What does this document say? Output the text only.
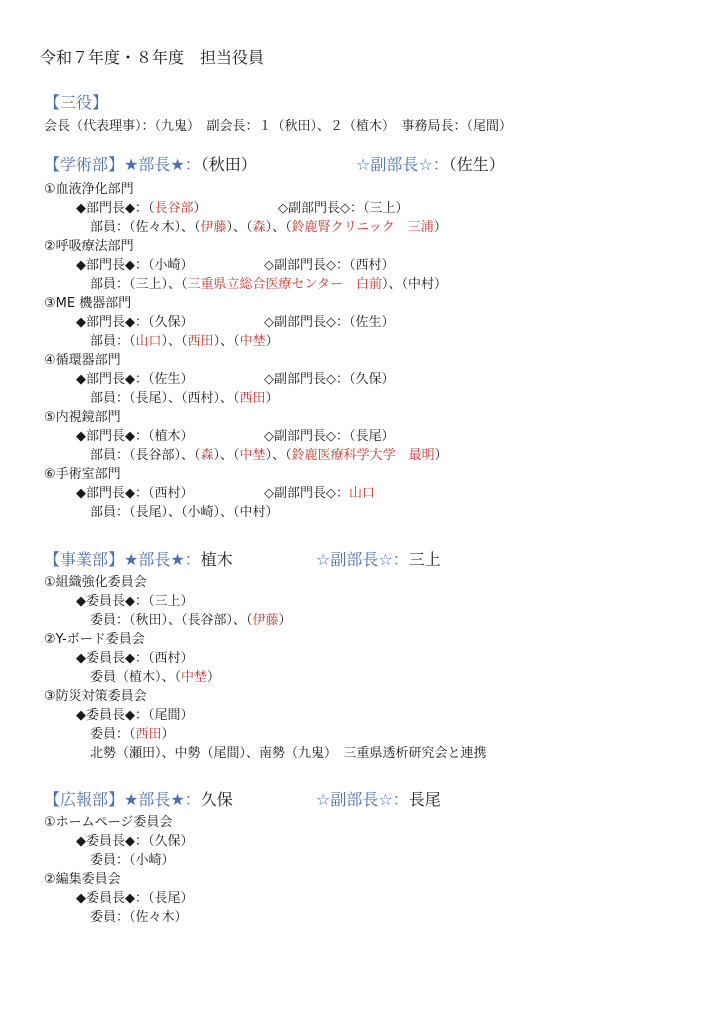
令和７年度・８年度　担当役員
【三役】
会長（代表理事）：（九鬼）　副会長：１（秋田）、２（植木）　事務局長：（尾間）
【学術部】★部長★：（秋田）	☆副部長☆：（佐生）
①血液浄化部門
◆部門長◆：（長谷部）	◇副部門長◇：（三上）
部員：（佐々木）、（伊藤）、（森）、（鈴鹿腎クリニック　三浦）
②呼吸療法部門
◆部門長◆：（小崎）	◇副部門長◇：（西村）
部員：（三上）、（三重県立総合医療センター　白前）、（中村）
③ME 機器部門
◆部門長◆：（久保）	◇副部門長◇：（佐生）
部員：（山口）、（西田）、（中埜）
④循環器部門
◆部門長◆：（佐生）	◇副部門長◇：（久保）
部員：（長尾）、（西村）、（西田）
⑤内視鏡部門
◆部門長◆：（植木）	◇副部門長◇：（長尾）
部員：（長谷部）、（森）、（中埜）、（鈴鹿医療科学大学　最明）
⑥手術室部門
◆部門長◆：（西村）	◇副部門長◇：山口
部員：（長尾）、（小崎）、（中村）
【事業部】★部長★：植木	☆副部長☆：三上
①組織強化委員会
◆委員長◆：（三上）
委員：（秋田）、（長谷部）、（伊藤）
②Y-ボード委員会
◆委員長◆：（西村）
委員（植木）、（中埜）
③防災対策委員会
◆委員長◆：（尾間）
委員：（西田）
北勢（瀬田）、中勢（尾間）、南勢（九鬼）　三重県透析研究会と連携
【広報部】★部長★：久保	☆副部長☆：長尾
①ホームページ委員会
◆委員長◆：（久保）
委員：（小崎）
②編集委員会
◆委員長◆：（長尾）
委員：（佐々木）
